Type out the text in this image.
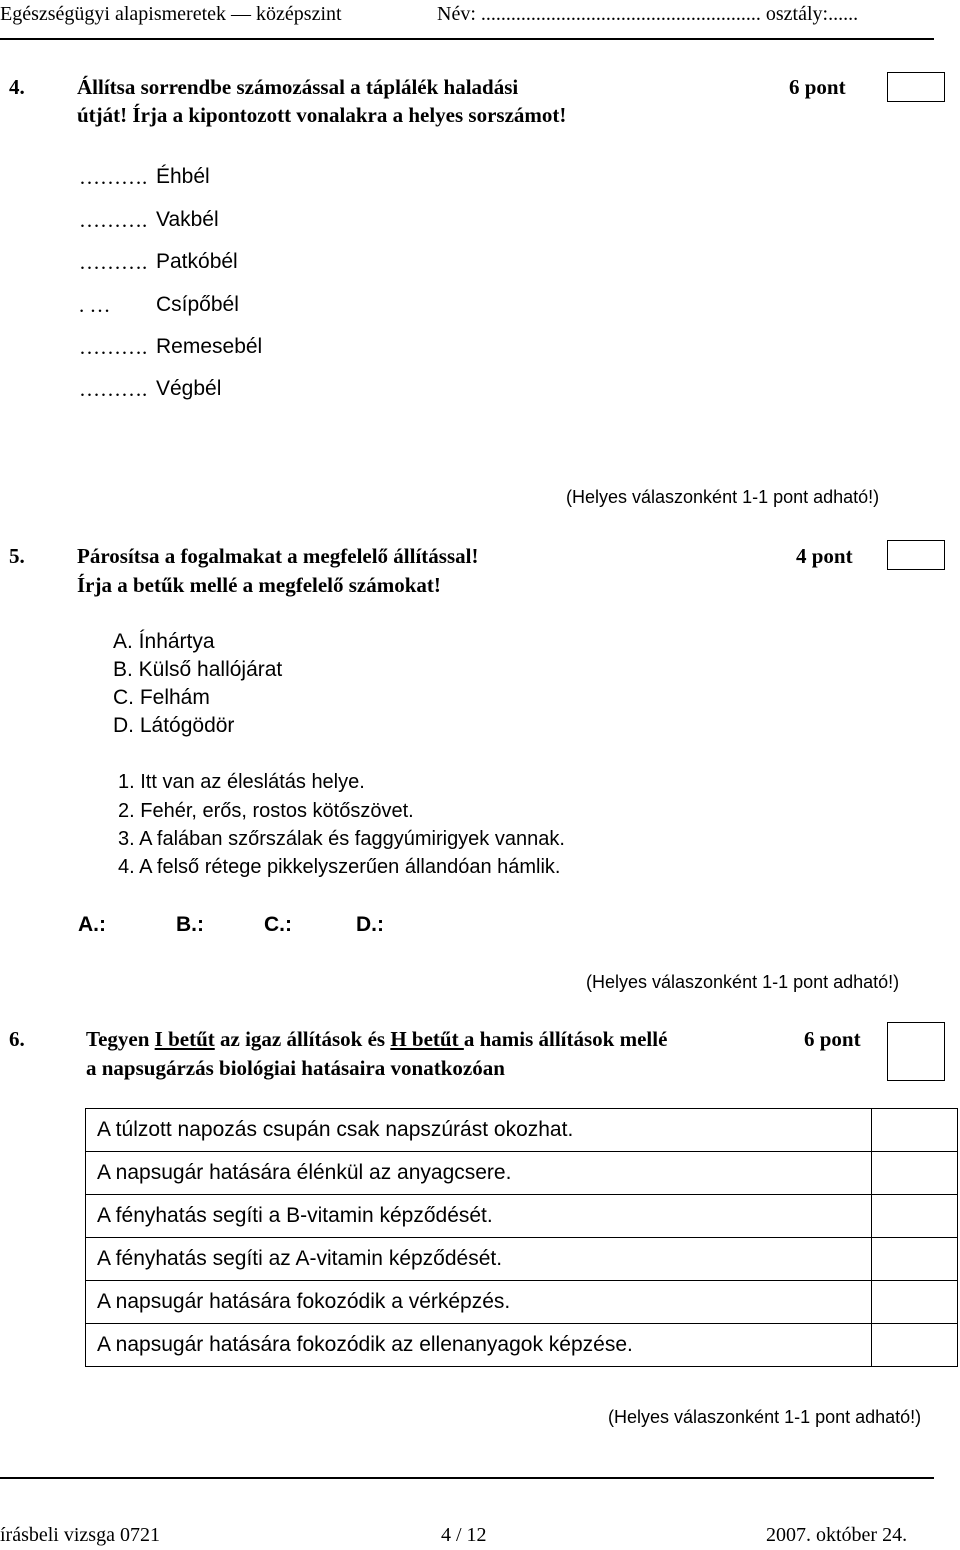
Egészségügyi alapismeretek — középszint	Név: ........................................................ osztály:......
4. Állítsa sorrendbe számozással a táplálék haladási
útját! Írja a kipontozott vonalakra a helyes sorszámot!
6 pont
………. Éhbél
………. Vakbél
………. Patkóbél
. … Csípőbél
………. Remesebél
………. Végbél
(Helyes válaszonként 1-1 pont adható!)
5. Párosítsa a fogalmakat a megfelelő állítással!
Írja a betűk mellé a megfelelő számokat!
4 pont
A. Ínhártya
B. Külső hallójárat
C. Felhám
D. Látógödör
1. Itt van az éleslátás helye.
2. Fehér, erős, rostos kötőszövet.
3. A falában szőrszálak és faggyúmirigyek vannak.
4. A felső rétege pikkelyszerűen állandóan hámlik.
A.:	B.:	C.:	D.:
(Helyes válaszonként 1-1 pont adható!)
6.	Tegyen I betűt az igaz állítások és H betűt a hamis állítások mellé
a napsugárzás biológiai hatásaira vonatkozóan
6 pont
A túlzott napozás csupán csak napszúrást okozhat.	
A napsugár hatására élénkül az anyagcsere.	
A fényhatás segíti a B-vitamin képződését.	
A fényhatás segíti az A-vitamin képződését.	
A napsugár hatására fokozódik a vérképzés.	
A napsugár hatására fokozódik az ellenanyagok képzése.	
(Helyes válaszonként 1-1 pont adható!)
írásbeli vizsga 0721	4 / 12	2007. október 24.
